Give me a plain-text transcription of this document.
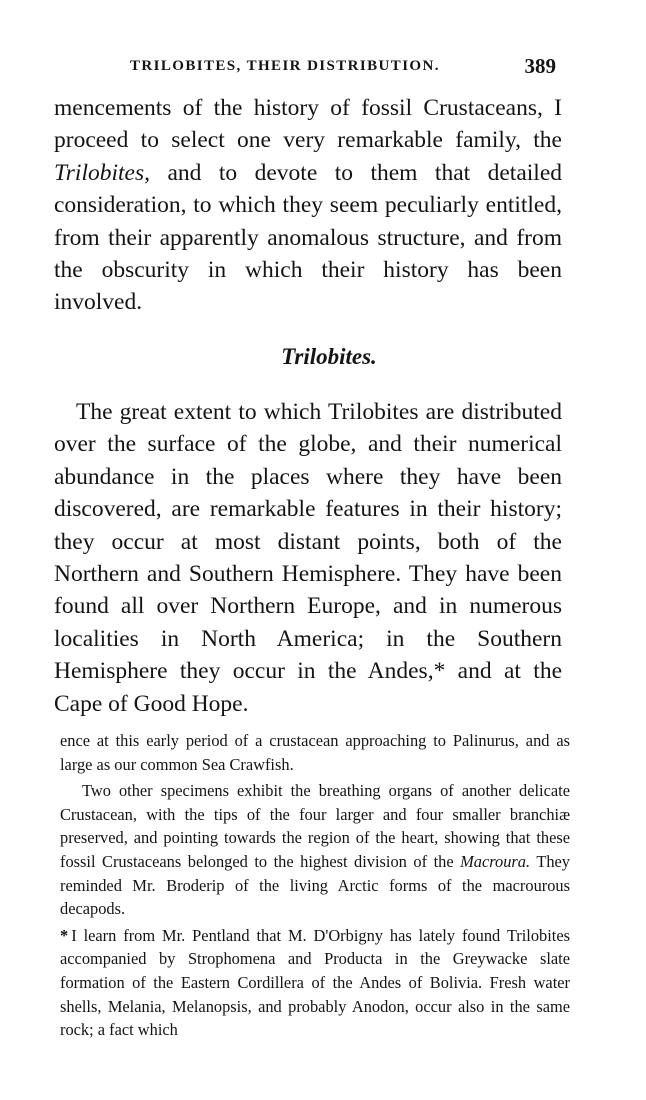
TRILOBITES, THEIR DISTRIBUTION.	389

mencements of the history of fossil Crustaceans, I proceed to select one very remarkable family, the Trilobites, and to devote to them that detailed consideration, to which they seem peculiarly entitled, from their apparently anomalous structure, and from the obscurity in which their history has been involved.

Trilobites.

The great extent to which Trilobites are distributed over the surface of the globe, and their numerical abundance in the places where they have been discovered, are remarkable features in their history; they occur at most distant points, both of the Northern and Southern Hemisphere. They have been found all over Northern Europe, and in numerous localities in North America; in the Southern Hemisphere they occur in the Andes,* and at the Cape of Good Hope.

ence at this early period of a crustacean approaching to Palinurus, and as large as our common Sea Crawfish.

Two other specimens exhibit the breathing organs of another delicate Crustacean, with the tips of the four larger and four smaller branchiæ preserved, and pointing towards the region of the heart, showing that these fossil Crustaceans belonged to the highest division of the Macroura. They reminded Mr. Broderip of the living Arctic forms of the macrourous decapods.

* I learn from Mr. Pentland that M. D'Orbigny has lately found Trilobites accompanied by Strophomena and Producta in the Greywacke slate formation of the Eastern Cordillera of the Andes of Bolivia. Fresh water shells, Melania, Melanopsis, and probably Anodon, occur also in the same rock; a fact which
